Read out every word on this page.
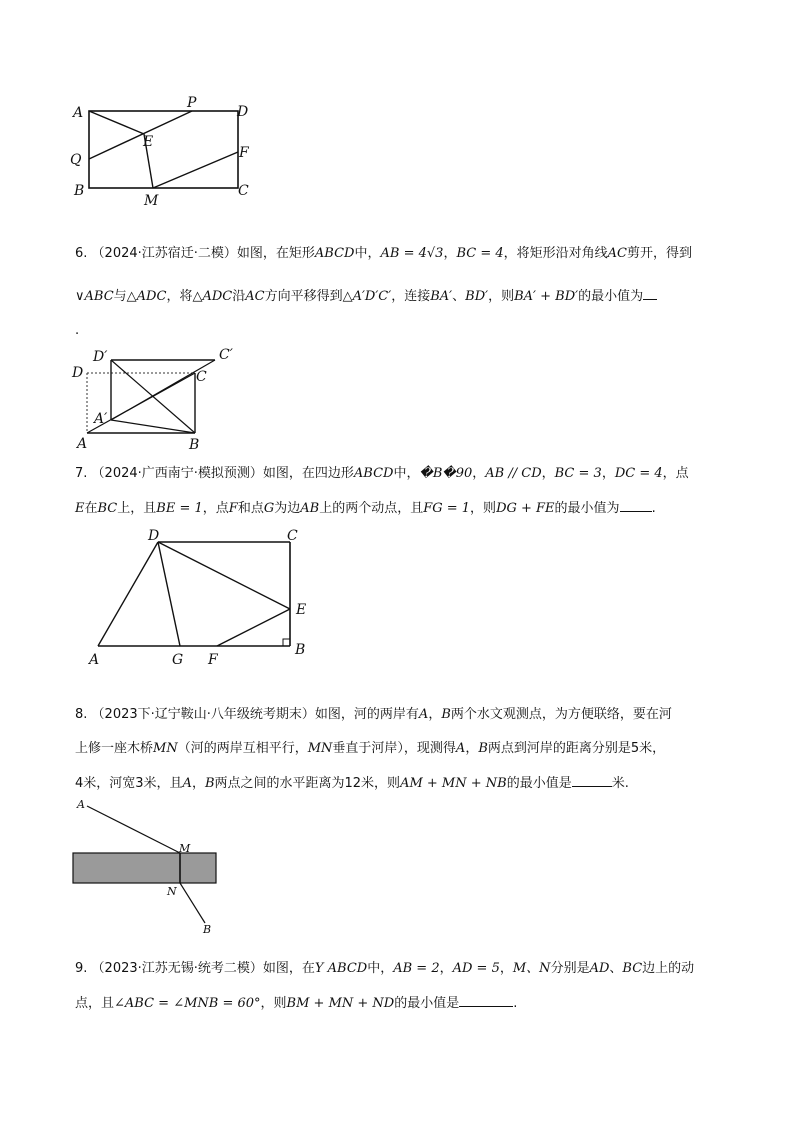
A
P
D
E
Q	F
B
M
C
6. （2024·江苏宿迁·二模）如图，在矩形ABCD中，AB = 4√3，BC = 4，将矩形沿对角线AC剪开，得到
∨ABC与△ADC，将△ADC沿AC方向平移得到△A′D′C′，连接BA′、BD′，则BA′ + BD′的最小值为
.
D′	C′
D	C
A′
A	B
7. （2024·广西南宁·模拟预测）如图，在四边形ABCD中，�B�90，AB // CD，BC = 3，DC = 4，点
E在BC上，且BE = 1，点F和点G为边AB上的两个动点，且FG = 1，则DG + FE的最小值为 .
D	C
E
A	G F
B
8. （2023下·辽宁鞍山·八年级统考期末）如图，河的两岸有A，B两个水文观测点，为方便联络，要在河
上修一座木桥MN（河的两岸互相平行，MN垂直于河岸），现测得A，B两点到河岸的距离分别是5米，
4米，河宽3米，且A，B两点之间的水平距离为12米，则AM + MN + NB的最小值是	米.
A
M
N
B
9. （2023·江苏无锡·统考二模）如图，在Y ABCD中，AB = 2，AD = 5，M、N分别是AD、BC边上的动
点，且∠ABC = ∠MNB = 60°，则BM + MN + ND的最小值是	.
